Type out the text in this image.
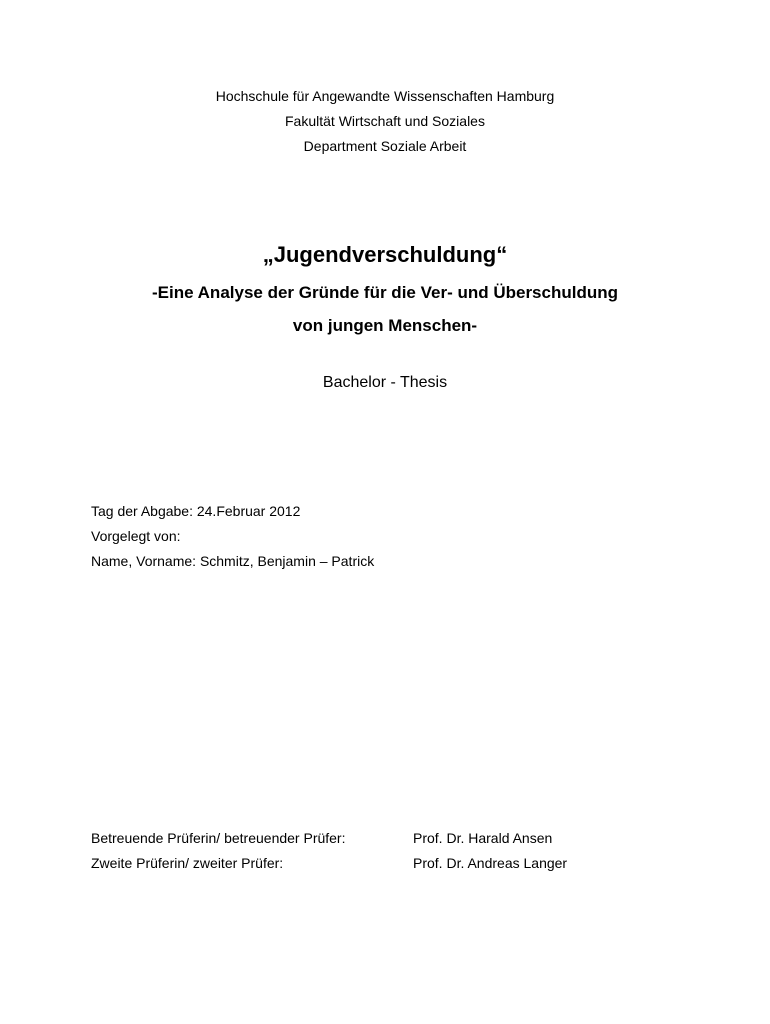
Hochschule für Angewandte Wissenschaften Hamburg
Fakultät Wirtschaft und Soziales
Department Soziale Arbeit
„Jugendverschuldung“
-Eine Analyse der Gründe für die Ver- und Überschuldung
von jungen Menschen-
Bachelor - Thesis
Tag der Abgabe: 24.Februar 2012
Vorgelegt von:
Name, Vorname: Schmitz, Benjamin – Patrick
Betreuende Prüferin/ betreuender Prüfer:	Prof. Dr. Harald Ansen
Zweite Prüferin/ zweiter Prüfer:	Prof. Dr. Andreas Langer
